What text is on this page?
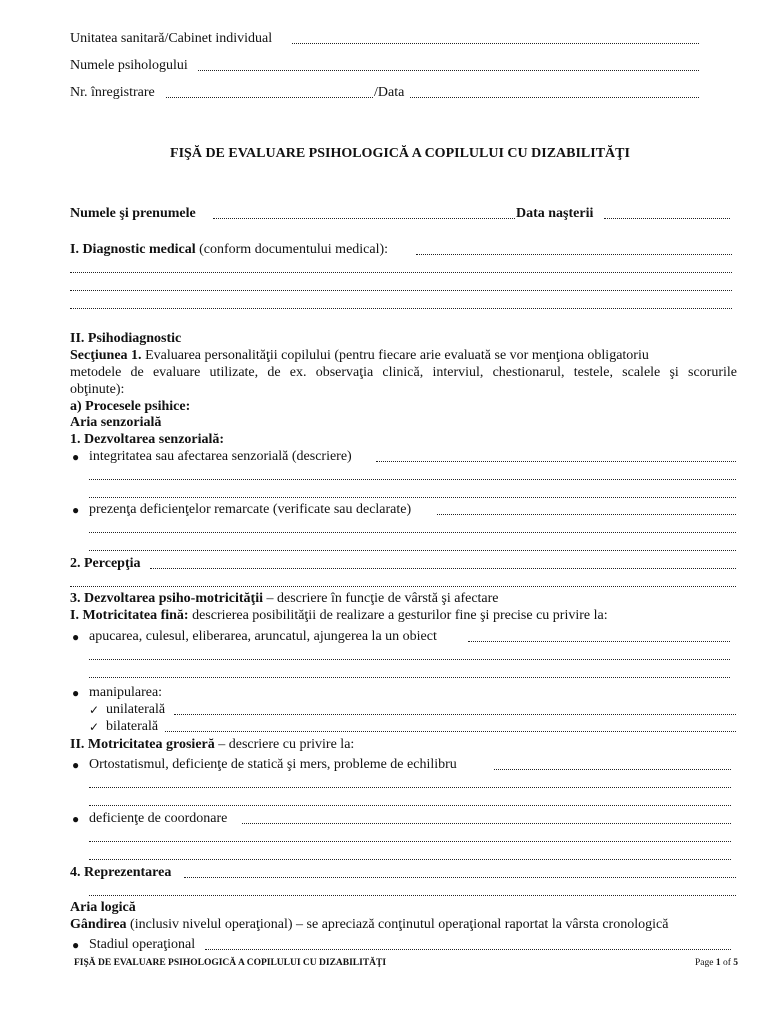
Unitatea sanitară/Cabinet individual
Numele psihologului
Nr. înregistrare	/Data
FIŞĂ DE EVALUARE PSIHOLOGICĂ A COPILULUI CU DIZABILITĂŢI
Numele şi prenumele	Data naşterii
I. Diagnostic medical (conform documentului medical):
II. Psihodiagnostic
Secţiunea 1. Evaluarea personalităţii copilului (pentru fiecare arie evaluată se vor menţiona obligatoriu
metodele de evaluare utilizate, de ex. observaţia clinică, interviul, chestionarul, testele, scalele şi scorurile
obţinute):
a) Procesele psihice:
Aria senzorială
1. Dezvoltarea senzorială:
● integritatea sau afectarea senzorială (descriere)
● prezenţa deficienţelor remarcate (verificate sau declarate)
2. Percepţia
3. Dezvoltarea psiho-motricităţii – descriere în funcţie de vârstă şi afectare
I. Motricitatea fină: descrierea posibilităţii de realizare a gesturilor fine şi precise cu privire la:
● apucarea, culesul, eliberarea, aruncatul, ajungerea la un obiect
● manipularea:
✓ unilaterală
✓ bilaterală
II. Motricitatea grosieră – descriere cu privire la:
● Ortostatismul, deficienţe de statică şi mers, probleme de echilibru
● deficienţe de coordonare
4. Reprezentarea
Aria logică
Gândirea (inclusiv nivelul operaţional) – se apreciază conţinutul operaţional raportat la vârsta cronologică
● Stadiul operaţional
FIŞĂ DE EVALUARE PSIHOLOGICĂ A COPILULUI CU DIZABILITĂŢI	Page 1 of 5
